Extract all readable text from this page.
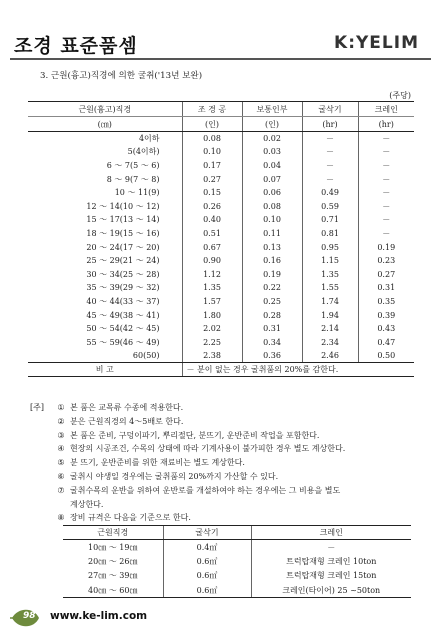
조경 표준품셈	K:YELIM
3. 근원(흉고)직경에 의한 굴취('13년 보완)
(주당)
근원(흉고)직경	조 경 공	보통인부	굴삭기	크레인
(㎝)	(인)	(인)	(hr)	(hr)
4이하	0.08	0.02	－	－
5(4이하)	0.10	0.03	－	－
6 ～ 7(5 ～ 6)	0.17	0.04	－	－
8 ～ 9(7 ～ 8)	0.27	0.07	－	－
10 ～ 11(9)	0.15	0.06	0.49	－
12 ～ 14(10 ～ 12)	0.26	0.08	0.59	－
15 ～ 17(13 ～ 14)	0.40	0.10	0.71	－
18 ～ 19(15 ～ 16)	0.51	0.11	0.81	－
20 ～ 24(17 ～ 20)	0.67	0.13	0.95	0.19
25 ～ 29(21 ～ 24)	0.90	0.16	1.15	0.23
30 ～ 34(25 ～ 28)	1.12	0.19	1.35	0.27
35 ～ 39(29 ～ 32)	1.35	0.22	1.55	0.31
40 ～ 44(33 ～ 37)	1.57	0.25	1.74	0.35
45 ～ 49(38 ～ 41)	1.80	0.28	1.94	0.39
50 ～ 54(42 ～ 45)	2.02	0.31	2.14	0.43
55 ～ 59(46 ～ 49)	2.25	0.34	2.34	0.47
60(50)	2.38	0.36	2.46	0.50
비 고	－ 분이 없는 경우 굴취품의 20%를 감한다.			
[주]	① 본 품은 교목류 수종에 적용한다.
② 분은 근원직경의 4～5배로 한다.
③ 본 품은 준비, 구덩이파기, 뿌리절단, 분뜨기, 운반준비 작업을 포함한다.
④ 현장의 시공조건, 수목의 상태에 따라 기계사용이 불가피한 경우 별도 계상한다.
⑤ 분 뜨기, 운반준비를 위한 재료비는 별도 계상한다.
⑥ 굴취시 야생일 경우에는 굴취품의 20%까지 가산할 수 있다.
⑦ 굴취수목의 운반을 위하여 운반로를 개설하여야 하는 경우에는 그 비용을 별도
계상한다.
⑧ 장비 규격은 다음을 기준으로 한다.
근원직경	굴삭기	크레인
10㎝ ～ 19㎝	0.4㎥	－
20㎝ ～ 26㎝	0.6㎥	트럭탑재형 크레인 10ton
27㎝ ～ 39㎝	0.6㎥	트럭탑재형 크레인 15ton
40㎝ ～ 60㎝	0.6㎥	크레인(타이어) 25 ~50ton
98 www.ke-lim.com
